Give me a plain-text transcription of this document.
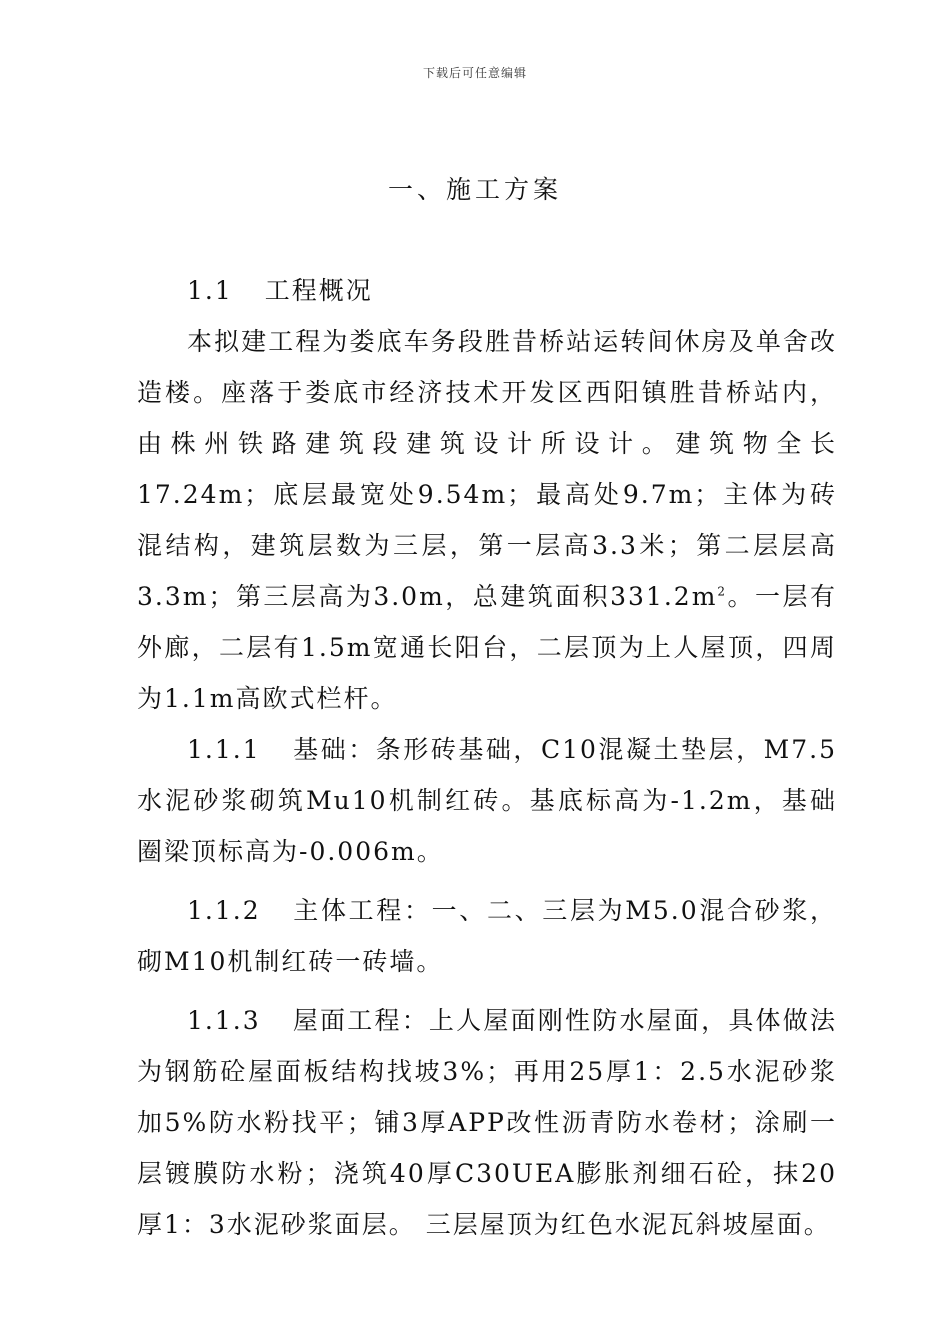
下载后可任意编辑
一、施工方案

1.1 工程概况

本拟建工程为娄底车务段胜昔桥站运转间休房及单舍改造楼。座落于娄底市经济技术开发区西阳镇胜昔桥站内，由株州铁路建筑段建筑设计所设计。建筑物全长17.24m；底层最宽处9.54m；最高处9.7m；主体为砖混结构，建筑层数为三层，第一层高3.3米；第二层层高3.3m；第三层高为3.0m，总建筑面积$331.2m^2$。一层有外廊，二层有1.5m宽通长阳台，二层顶为上人屋顶，四周为1.1m高欧式栏杆。

1.1.1 基础：条形砖基础，C10混凝土垫层，M7.5水泥砂浆砌筑Mu10机制红砖。基底标高为-1.2m，基础圈梁顶标高为-0.006m。

1.1.2 主体工程：一、二、三层为M5.0混合砂浆，砌M10机制红砖一砖墙。

1.1.3 屋面工程：上人屋面刚性防水屋面，具体做法为钢筋砼屋面板结构找坡3%；再用25厚1：2.5水泥砂浆加5%防水粉找平；铺3厚APP改性沥青防水卷材；涂刷一层镀膜防水粉；浇筑40厚C30UEA膨胀剂细石砼，抹20厚1：3水泥砂浆面层。 三层屋顶为红色水泥瓦斜坡屋面。
